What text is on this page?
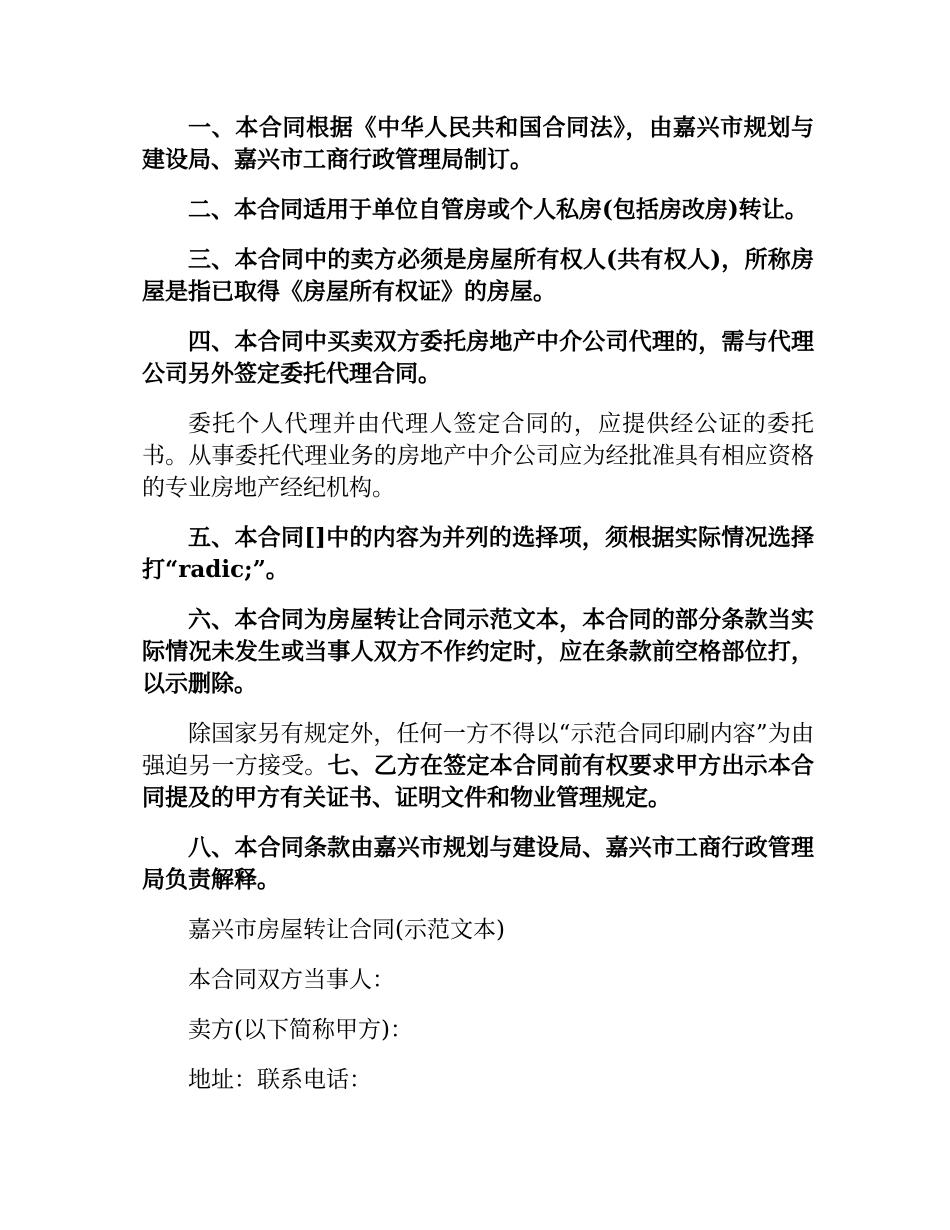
一、本合同根据《中华人民共和国合同法》，由嘉兴市规划与建设局、嘉兴市工商行政管理局制订。

二、本合同适用于单位自管房或个人私房(包括房改房)转让。

三、本合同中的卖方必须是房屋所有权人(共有权人)，所称房屋是指已取得《房屋所有权证》的房屋。

四、本合同中买卖双方委托房地产中介公司代理的，需与代理公司另外签定委托代理合同。

委托个人代理并由代理人签定合同的，应提供经公证的委托书。从事委托代理业务的房地产中介公司应为经批准具有相应资格的专业房地产经纪机构。

五、本合同[]中的内容为并列的选择项，须根据实际情况选择打“radic;”。

六、本合同为房屋转让合同示范文本，本合同的部分条款当实际情况未发生或当事人双方不作约定时，应在条款前空格部位打，以示删除。

除国家另有规定外，任何一方不得以“示范合同印刷内容”为由强迫另一方接受。七、乙方在签定本合同前有权要求甲方出示本合同提及的甲方有关证书、证明文件和物业管理规定。

八、本合同条款由嘉兴市规划与建设局、嘉兴市工商行政管理局负责解释。

嘉兴市房屋转让合同(示范文本)

本合同双方当事人：

卖方(以下简称甲方)：

地址：联系电话：
